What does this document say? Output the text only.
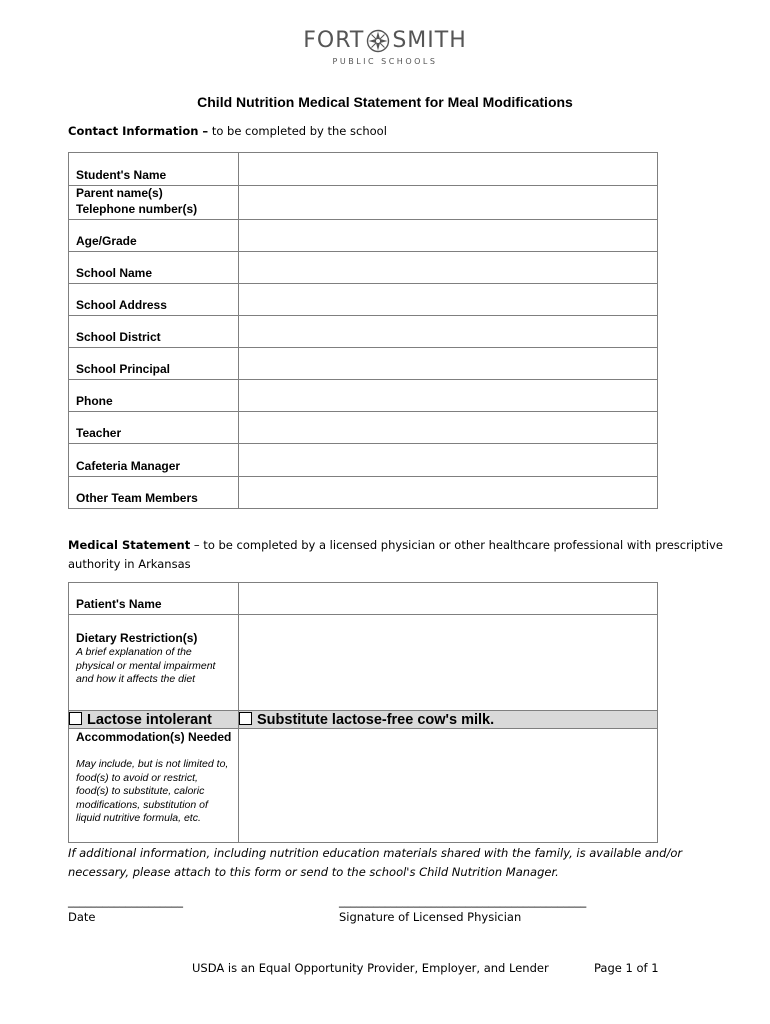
FORT SMITH
PUBLIC SCHOOLS
Child Nutrition Medical Statement for Meal Modifications
Contact Information – to be completed by the school
Student's Name	

Parent name(s)
Telephone number(s)	

Age/Grade	

School Name	

School Address	

School District	

School Principal	

Phone	

Teacher	

Cafeteria Manager	

Other Team Members	

Medical Statement – to be completed by a licensed physician or other healthcare professional with prescriptive
authority in Arkansas
Patient's Name	

Dietary Restriction(s)
A brief explanation of the physical or mental impairment and how it affects the diet	

Lactose intolerant	Substitute lactose-free cow's milk.

Accommodation(s) Needed
May include, but is not limited to, food(s) to avoid or restrict, food(s) to substitute, caloric modifications, substitution of liquid nutritive formula, etc.	

If additional information, including nutrition education materials shared with the family, is available and/or necessary, please attach to this form or send to the school's Child Nutrition Manager.
____________________
Date
___________________________________________
Signature of Licensed Physician
USDA is an Equal Opportunity Provider, Employer, and Lender	Page 1 of 1
